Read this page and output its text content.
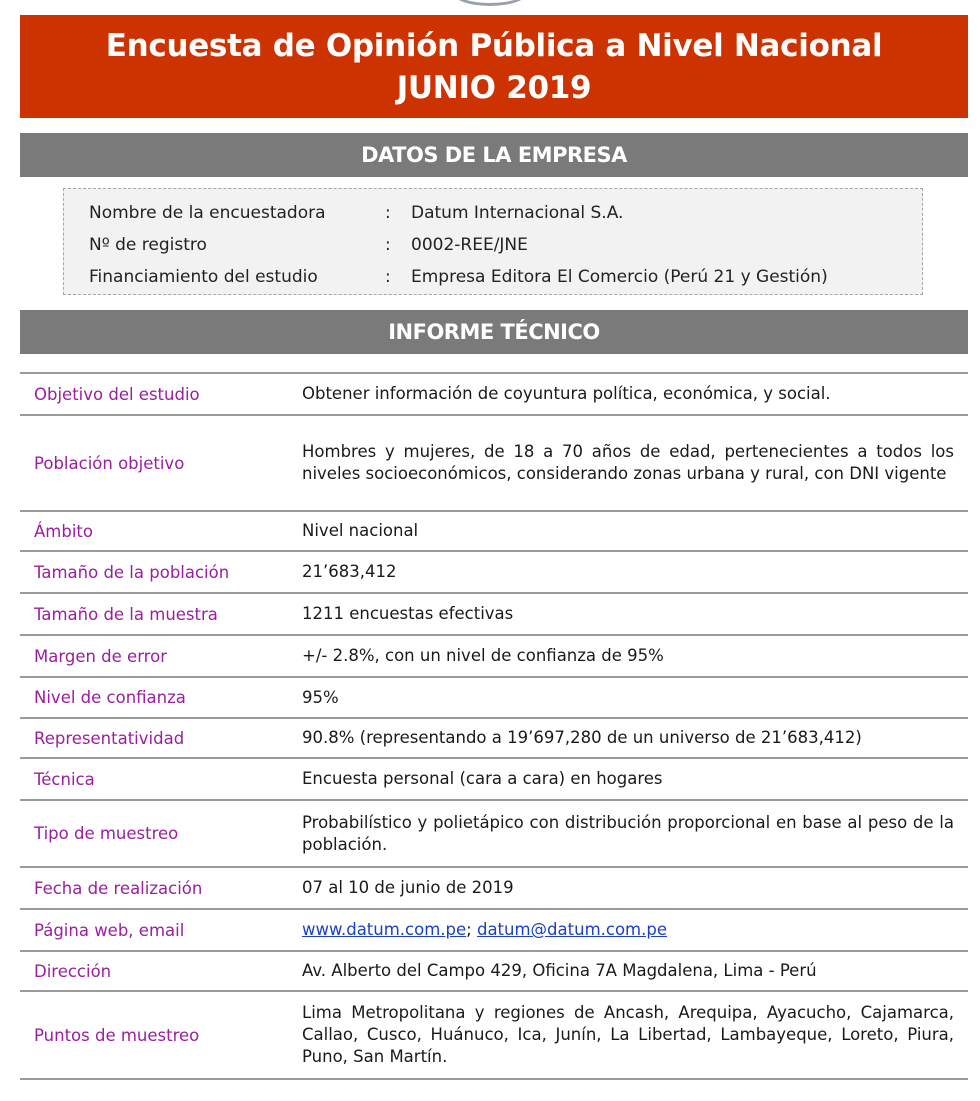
Encuesta de Opinión Pública a Nivel Nacional
JUNIO 2019
DATOS DE LA EMPRESA
Nombre de la encuestadora	:	Datum Internacional S.A.
Nº de registro	:	0002-REE/JNE
Financiamiento del estudio	:	Empresa Editora El Comercio (Perú 21 y Gestión)
INFORME TÉCNICO
Objetivo del estudio	Obtener información de coyuntura política, económica, y social.
Población objetivo	Hombres y mujeres, de 18 a 70 años de edad, pertenecientes a todos los niveles socioeconómicos, considerando zonas urbana y rural, con DNI vigente
Ámbito	Nivel nacional
Tamaño de la población	21’683,412
Tamaño de la muestra	1211 encuestas efectivas
Margen de error	+/- 2.8%, con un nivel de confianza de 95%
Nivel de confianza	95%
Representatividad	90.8% (representando a 19’697,280 de un universo de 21’683,412)
Técnica	Encuesta personal (cara a cara) en hogares
Tipo de muestreo	Probabilístico y polietápico con distribución proporcional en base al peso de la población.
Fecha de realización	07 al 10 de junio de 2019
Página web, email	www.datum.com.pe; datum@datum.com.pe
Dirección	Av. Alberto del Campo 429, Oficina 7A Magdalena, Lima - Perú
Puntos de muestreo	Lima Metropolitana y regiones de Ancash, Arequipa, Ayacucho, Cajamarca, Callao, Cusco, Huánuco, Ica, Junín, La Libertad, Lambayeque, Loreto, Piura, Puno, San Martín.
